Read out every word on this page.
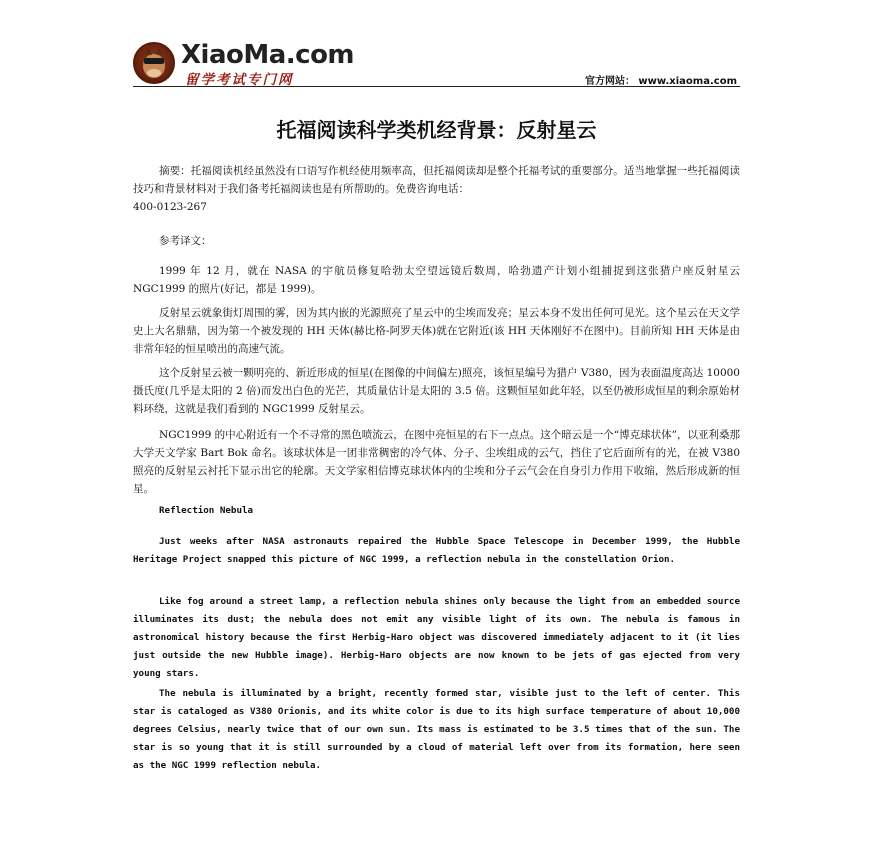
XiaoMa.com
留学考试专门网	官方网站： www.xiaoma.com
托福阅读科学类机经背景：反射星云

摘要：托福阅读机经虽然没有口语写作机经使用频率高，但托福阅读却是整个托福考试的重要部分。适当地掌握一些托福阅读技巧和背景材料对于我们备考托福阅读也是有所帮助的。免费咨询电话：

400-0123-267

参考译文：

1999 年 12 月，就在 NASA 的宇航员修复哈勃太空望远镜后数周，哈勃遗产计划小组捕捉到这张猎户座反射星云 NGC1999 的照片(好记，都是 1999)。

反射星云就象街灯周围的雾，因为其内嵌的光源照亮了星云中的尘埃而发亮；星云本身不发出任何可见光。这个星云在天文学史上大名鼎鼎，因为第一个被发现的 HH 天体(赫比格-阿罗天体)就在它附近(该 HH 天体刚好不在图中)。目前所知 HH 天体是由非常年轻的恒星喷出的高速气流。

这个反射星云被一颗明亮的、新近形成的恒星(在图像的中间偏左)照亮，该恒星编号为猎户 V380，因为表面温度高达 10000 摄氏度(几乎是太阳的 2 倍)而发出白色的光芒，其质量估计是太阳的 3.5 倍。这颗恒星如此年轻，以至仍被形成恒星的剩余原始材料环绕，这就是我们看到的 NGC1999 反射星云。

NGC1999 的中心附近有一个不寻常的黑色喷流云，在图中亮恒星的右下一点点。这个暗云是一个“博克球状体”，以亚利桑那大学天文学家 Bart Bok 命名。该球状体是一团非常稠密的冷气体、分子、尘埃组成的云气，挡住了它后面所有的光，在被 V380 照亮的反射星云衬托下显示出它的轮廓。天文学家相信博克球状体内的尘埃和分子云气会在自身引力作用下收缩，然后形成新的恒星。

Reflection Nebula

Just weeks after NASA astronauts repaired the Hubble Space Telescope in December 1999, the Hubble Heritage Project snapped this picture of NGC 1999, a reflection nebula in the constellation Orion.

Like fog around a street lamp, a reflection nebula shines only because the light from an embedded source illuminates its dust; the nebula does not emit any visible light of its own. The nebula is famous in astronomical history because the first Herbig-Haro object was discovered immediately adjacent to it (it lies just outside the new Hubble image). Herbig-Haro objects are now known to be jets of gas ejected from very young stars.

The nebula is illuminated by a bright, recently formed star, visible just to the left of center. This star is cataloged as V380 Orionis, and its white color is due to its high surface temperature of about 10,000 degrees Celsius, nearly twice that of our own sun. Its mass is estimated to be 3.5 times that of the sun. The star is so young that it is still surrounded by a cloud of material left over from its formation, here seen as the NGC 1999 reflection nebula.
